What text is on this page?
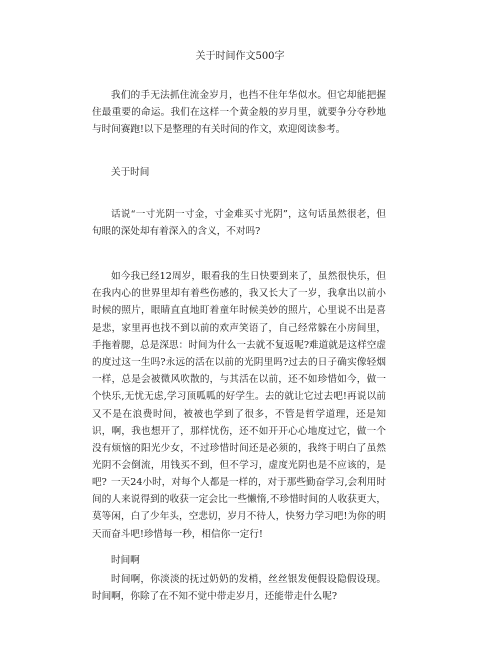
关于时间作文500字

我们的手无法抓住流金岁月，也挡不住年华似水。但它却能把握住最重要的命运。我们在这样一个黄金般的岁月里，就要争分夺秒地与时间赛跑!以下是整理的有关时间的作文，欢迎阅读参考。

关于时间

话说“一寸光阴一寸金，寸金难买寸光阴”，这句话虽然很老，但旬眼的深处却有着深入的含义，不对吗?

如今我已经12周岁，眼看我的生日快要到来了，虽然很快乐，但在我内心的世界里却有着些伤感的，我又长大了一岁，我拿出以前小时候的照片，眼睛直直地盯着童年时候美妙的照片，心里说不出是喜是悲，家里再也找不到以前的欢声笑语了，自己经常躲在小房间里，手拖着腮，总是深思：时间为什么一去就不复返呢?难道就是这样空虚的度过这一生吗?永远的活在以前的光阴里吗?过去的日子确实像轻烟一样，总是会被微风吹散的，与其活在以前，还不如珍惜如今，做一个快乐,无忧无虑,学习顶呱呱的好学生。去的就让它过去吧!再说以前又不是在浪费时间，被被也学到了很多，不管是哲学道理，还是知识，啊，我也想开了，那样忧伤，还不如开开心心地度过它，做一个没有烦恼的阳光少女，不过珍惜时间还是必须的，我终于明白了虽然光阴不会倒流，用钱买不到，但不学习，虚度光阴也是不应该的，是吧? 一天24小时，对每个人都是一样的，对于那些勤奋学习,会利用时间的人来说得到的收获一定会比一些懒惰,不珍惜时间的人收获更大，莫等闲，白了少年头，空悲切，岁月不待人，快努力学习吧!为你的明天而奋斗吧!珍惜每一秒，相信你一定行!

时间啊

时间啊，你淡淡的抚过奶奶的发梢，丝丝银发便假设隐假设现。时间啊，你除了在不知不觉中带走岁月，还能带走什么呢?
